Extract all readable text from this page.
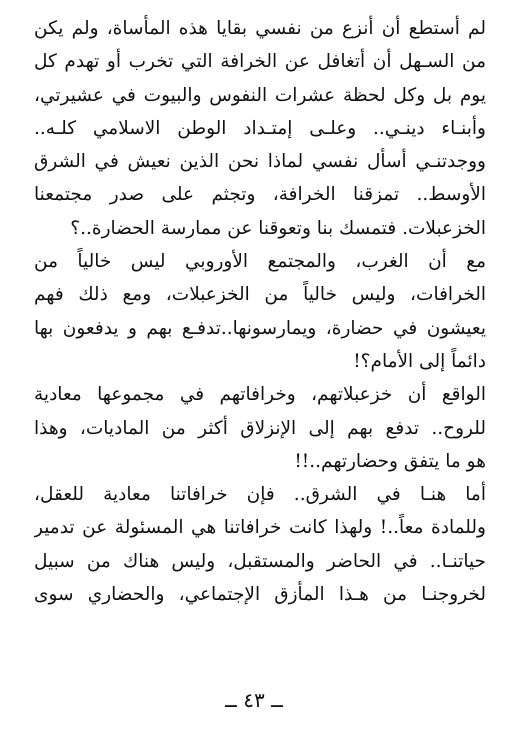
لم أستطع أن أنزع من نفسي بقايا هذه المأساة، ولم يكن
من السـهل أن أتغافل عن الخرافة التي تخرب أو تهدم كل
يوم بل وكل لحظة عشرات النفوس والبيوت في عشيرتي،
وأبنـاء دينـي.. وعلـى إمتـداد الوطن الاسلامي كلـه..
ووجدتنـي أسأل نفسي لماذا نحن الذين نعيش في الشرق
الأوسط.. تمزقنا الخرافة، وتجثم على صدر مجتمعنا
الخزعبلات. فتمسك بنا وتعوقنا عن ممارسة الحضارة..؟
مع أن الغرب، والمجتمع الأوروبي ليس خالياً من
الخرافات، وليس خالياً من الخزعبلات، ومع ذلك فهم
يعيشون في حضارة، ويمارسونها..تدفـع بهم و يدفعون بها
دائماً إلى الأمام؟!
الواقع أن خزعبلاتهم، وخرافاتهم في مجموعها معادية
للروح.. تدفع بهم إلى الإنزلاق أكثر من الماديات، وهذا
هو ما يتفق وحضارتهم..!!
أما هنـا في الشرق.. فإن خرافاتنا معادية للعقل،
وللمادة معاً..! ولهذا كانت خرافاتنا هي المسئولة عن تدمير
حياتنـا.. في الحاضر والمستقبل، وليس هناك من سبيل
لخروجنـا من هـذا المأزق الإجتماعي، والحضاري سوى
ــ ٤٣ ــ
